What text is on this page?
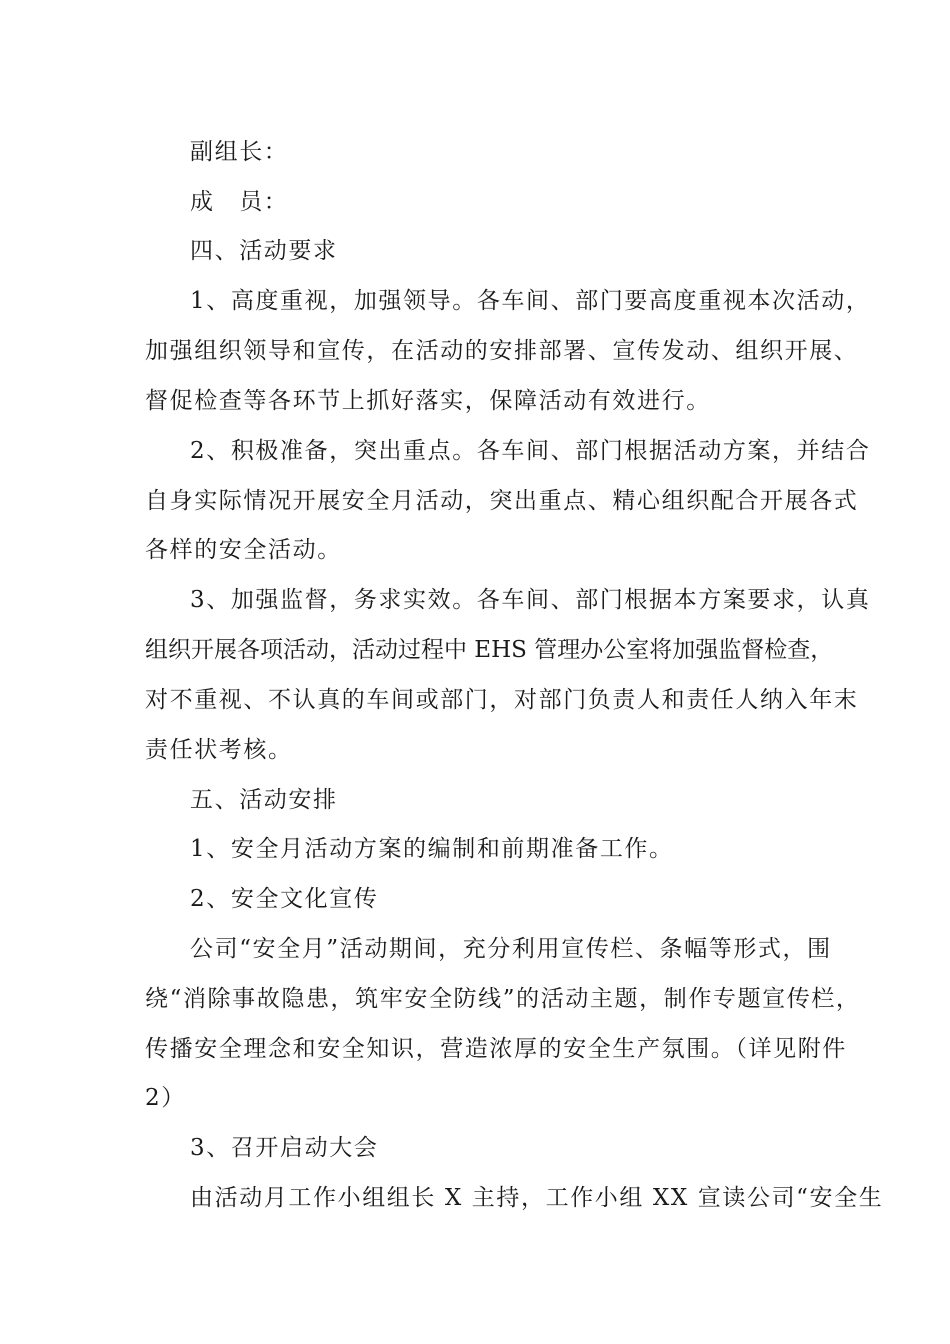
副组长：
成　员：
四、活动要求
1、高度重视，加强领导。各车间、部门要高度重视本次活动，
加强组织领导和宣传，在活动的安排部署、宣传发动、组织开展、
督促检查等各环节上抓好落实，保障活动有效进行。
2、积极准备，突出重点。各车间、部门根据活动方案，并结合
自身实际情况开展安全月活动，突出重点、精心组织配合开展各式
各样的安全活动。
3、加强监督，务求实效。各车间、部门根据本方案要求，认真
组织开展各项活动，活动过程中 EHS 管理办公室将加强监督检查，
对不重视、不认真的车间或部门，对部门负责人和责任人纳入年末
责任状考核。
五、活动安排
1、安全月活动方案的编制和前期准备工作。
2、安全文化宣传
公司“安全月”活动期间，充分利用宣传栏、条幅等形式，围
绕“消除事故隐患，筑牢安全防线”的活动主题，制作专题宣传栏，
传播安全理念和安全知识，营造浓厚的安全生产氛围。（详见附件
2）
3、召开启动大会
由活动月工作小组组长 X 主持，工作小组 XX 宣读公司“安全生
